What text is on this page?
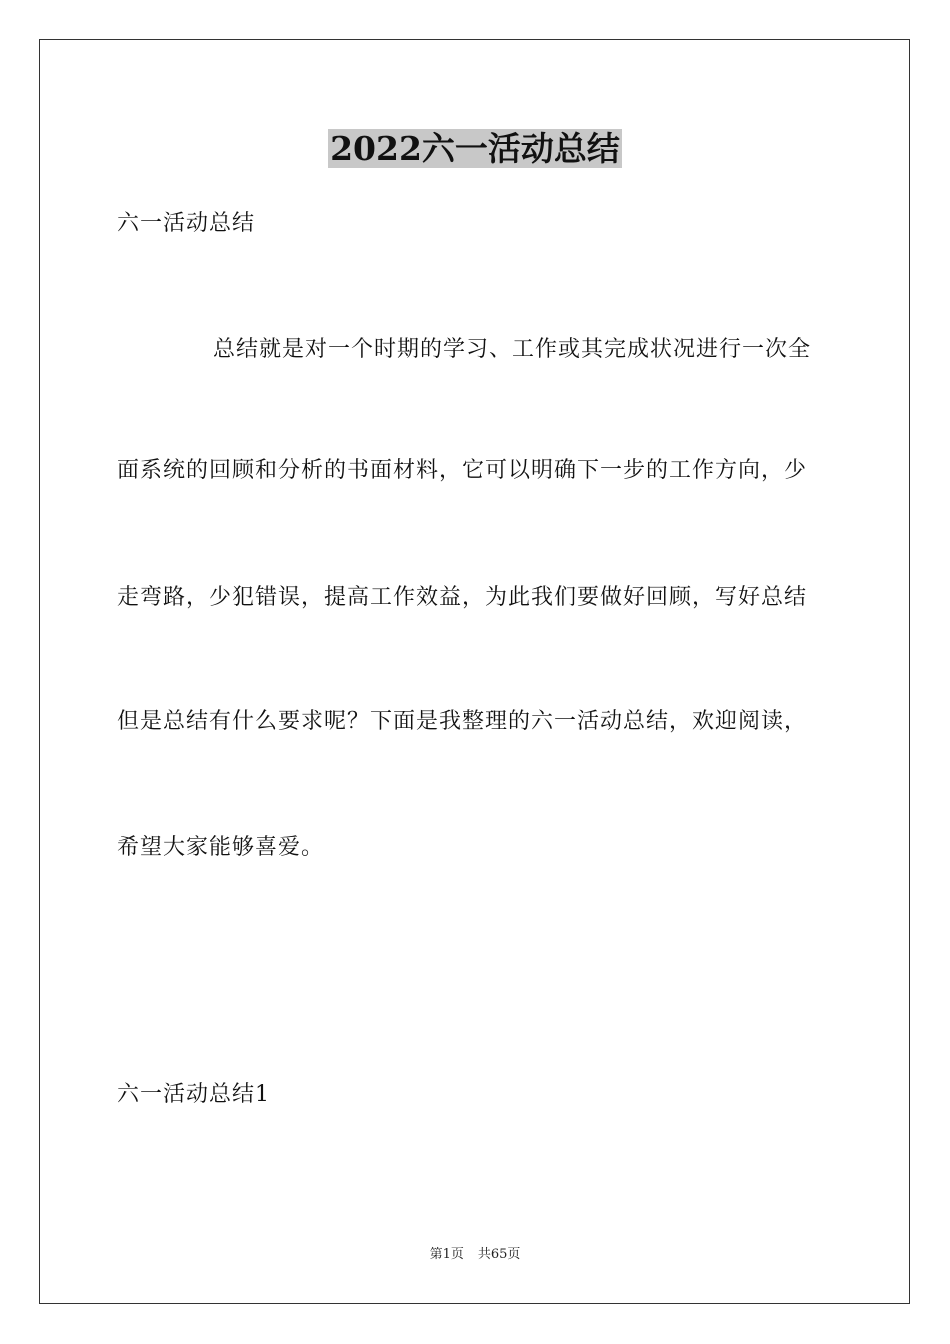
2022六一活动总结
六一活动总结
总结就是对一个时期的学习、工作或其完成状况进行一次全
面系统的回顾和分析的书面材料，它可以明确下一步的工作方向，少
走弯路，少犯错误，提高工作效益，为此我们要做好回顾，写好总结
但是总结有什么要求呢？下面是我整理的六一活动总结，欢迎阅读，
希望大家能够喜爱。
六一活动总结1
第1页 共65页
